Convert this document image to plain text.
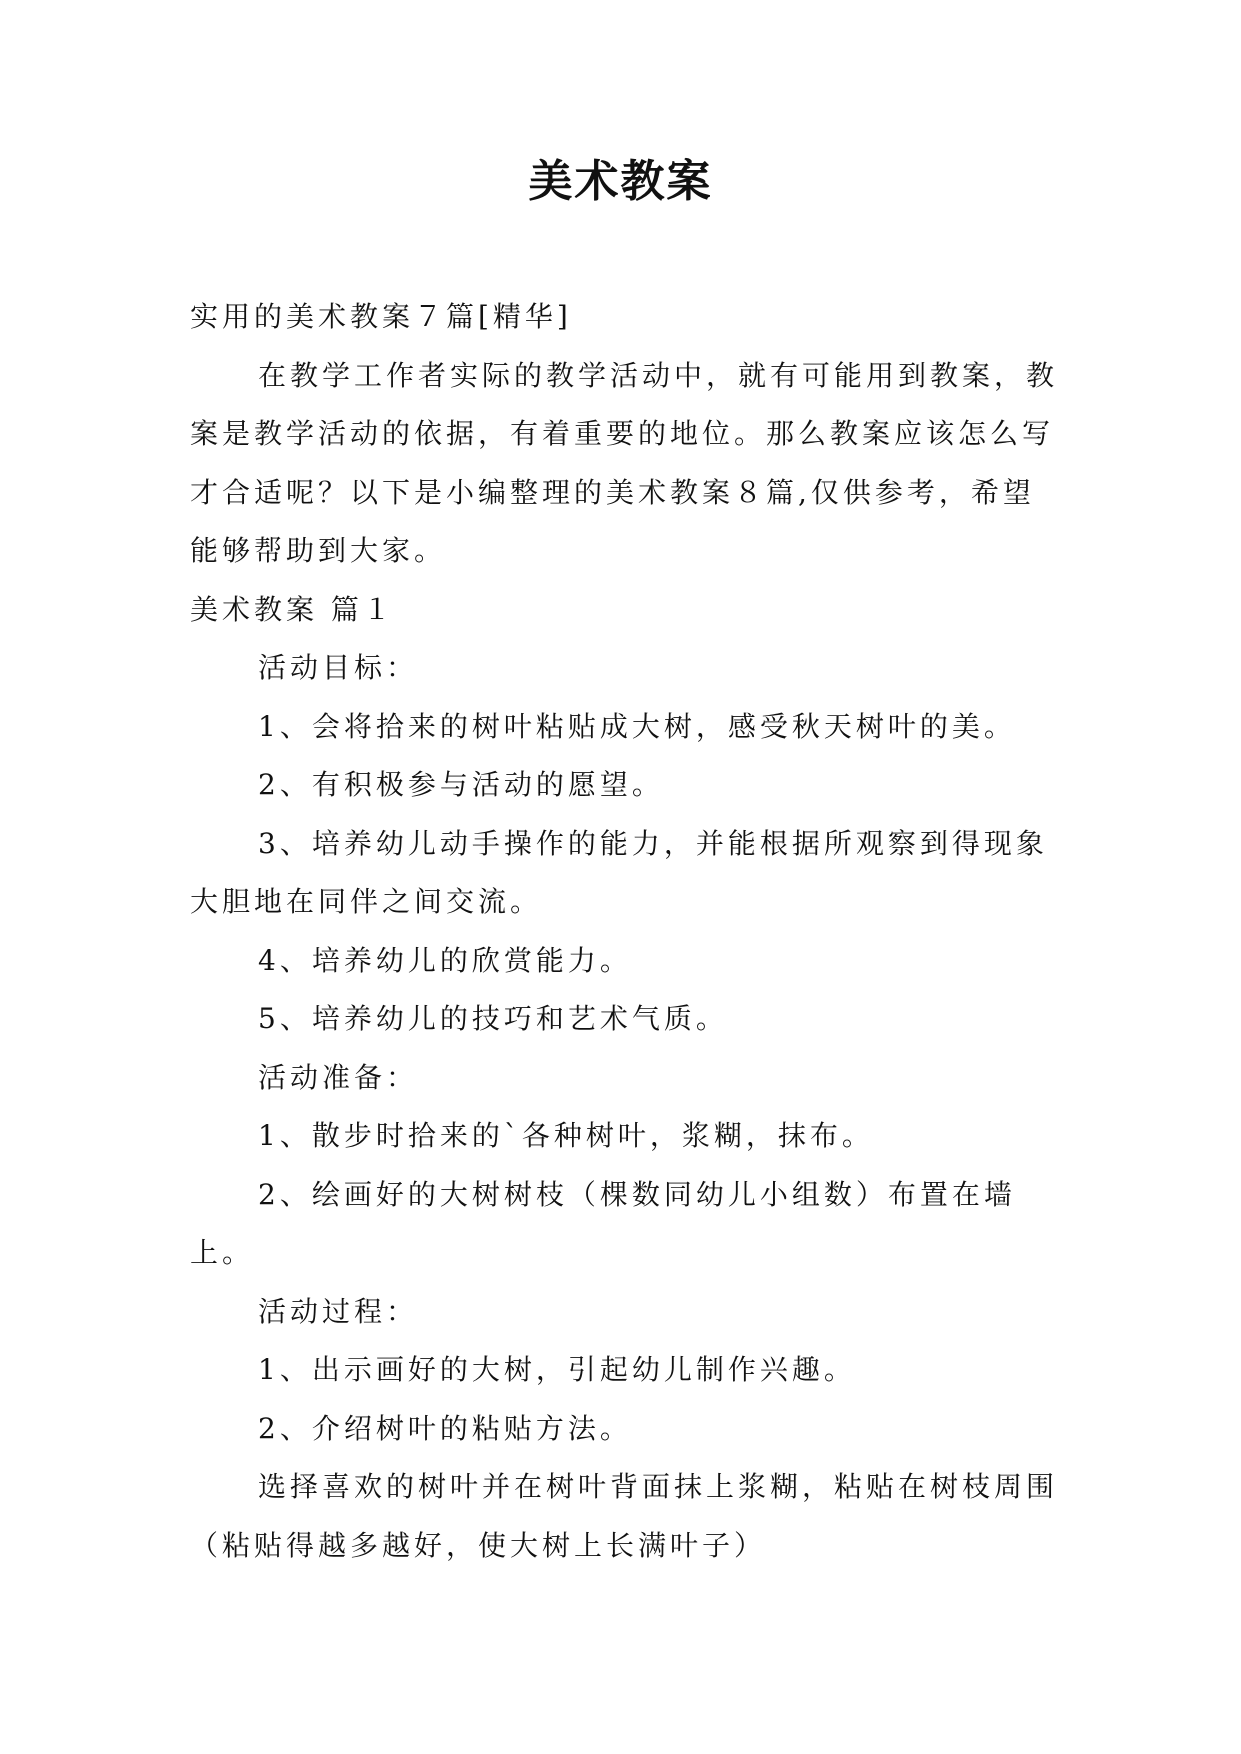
美术教案

实用的美术教案７篇[精华]

在教学工作者实际的教学活动中，就有可能用到教案，教案是教学活动的依据，有着重要的地位。那么教案应该怎么写才合适呢？以下是小编整理的美术教案８篇,仅供参考，希望能够帮助到大家。

美术教案 篇１

活动目标：

1、会将拾来的树叶粘贴成大树，感受秋天树叶的美。

2、有积极参与活动的愿望。

3、培养幼儿动手操作的能力，并能根据所观察到得现象大胆地在同伴之间交流。

4、培养幼儿的欣赏能力。

5、培养幼儿的技巧和艺术气质。

活动准备：

1、散步时拾来的`各种树叶，浆糊，抹布。

2、绘画好的大树树枝（棵数同幼儿小组数）布置在墙上。

活动过程：

1、出示画好的大树，引起幼儿制作兴趣。

2、介绍树叶的粘贴方法。

选择喜欢的树叶并在树叶背面抹上浆糊，粘贴在树枝周围（粘贴得越多越好，使大树上长满叶子）
